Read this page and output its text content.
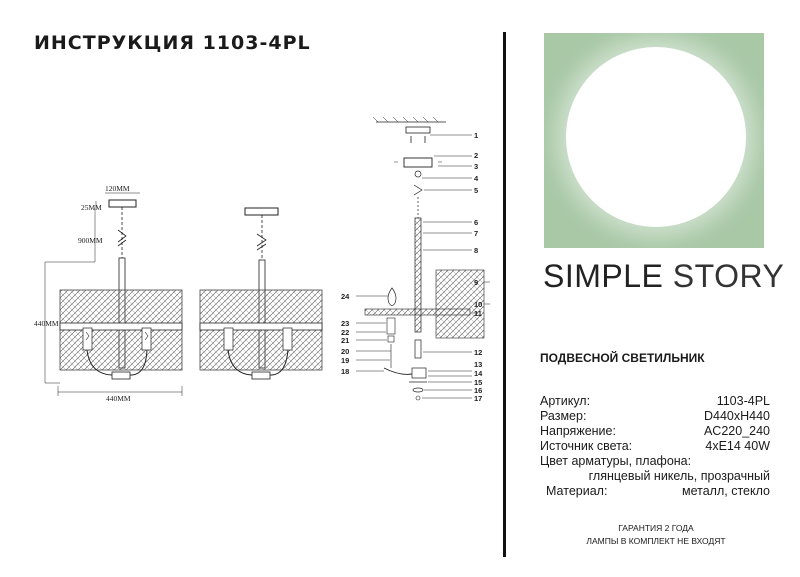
ИНСТРУКЦИЯ 1103-4PL
120MM
25MM
900MM
440MM
440MM
1
2
3
4
5
6
7
8
9
10
11
12
13
14
15
16
17
18
19
20
21
22
23
24
SIMPLE STORY
ПОДВЕСНОЙ СВЕТИЛЬНИК
Артикул:	1103-4PL
Размер:	D440xH440
Напряжение:	AC220_240
Источник света:	4xE14 40W
Цвет арматуры, плафона:
глянцевый никель, прозрачный
Материал:	металл, стекло
ГАРАНТИЯ 2 ГОДА
ЛАМПЫ В КОМПЛЕКТ НЕ ВХОДЯТ
